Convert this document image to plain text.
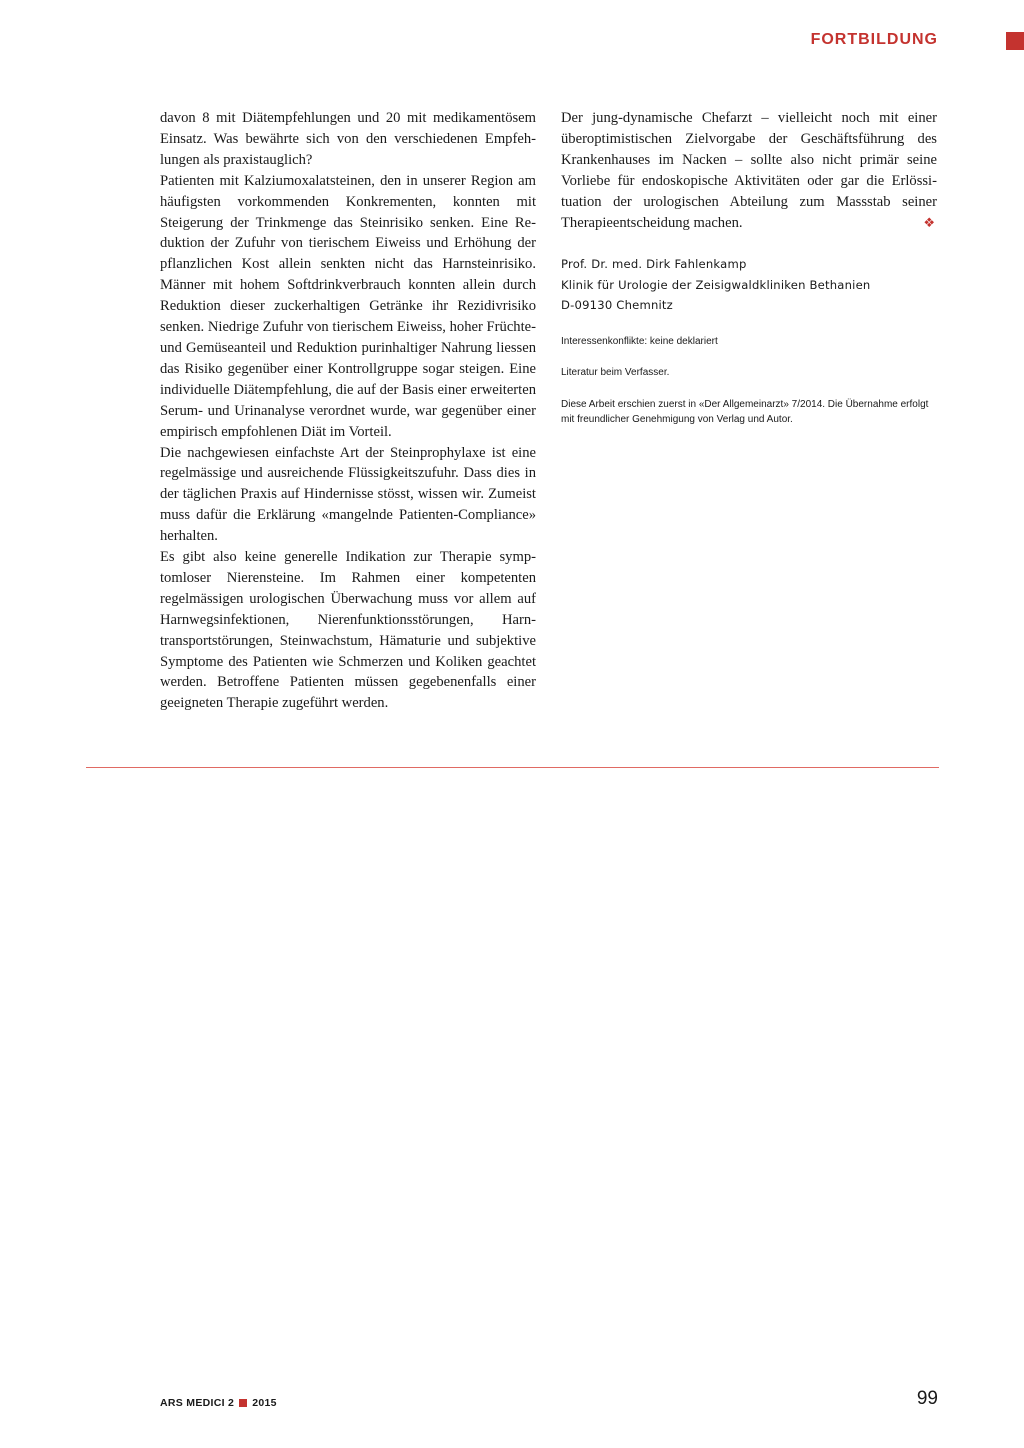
FORTBILDUNG

davon 8 mit Diätempfehlungen und 20 mit medikamentösem Einsatz. Was bewährte sich von den verschiedenen Empfehlungen als praxistauglich?

Patienten mit Kalziumoxalatsteinen, den in unserer Region am häufigsten vorkommenden Konkrementen, konnten mit Steigerung der Trinkmenge das Steinrisiko senken. Eine Reduktion der Zufuhr von tierischem Eiweiss und Erhöhung der pflanzlichen Kost allein senkten nicht das Harnsteinrisiko. Männer mit hohem Softdrinkverbrauch konnten allein durch Reduktion dieser zuckerhaltigen Getränke ihr Rezidivrisiko senken. Niedrige Zufuhr von tierischem Eiweiss, hoher Früchte- und Gemüseanteil und Reduktion purinhaltiger Nahrung liessen das Risiko gegenüber einer Kontrollgruppe sogar steigen. Eine individuelle Diätempfehlung, die auf der Basis einer erweiterten Serum- und Urinanalyse verordnet wurde, war gegenüber einer empirisch empfohlenen Diät im Vorteil.

Die nachgewiesen einfachste Art der Steinprophylaxe ist eine regelmässige und ausreichende Flüssigkeitszufuhr. Dass dies in der täglichen Praxis auf Hindernisse stösst, wissen wir. Zumeist muss dafür die Erklärung «mangelnde Patienten-Compliance» herhalten.

Es gibt also keine generelle Indikation zur Therapie symptomloser Nierensteine. Im Rahmen einer kompetenten regelmässigen urologischen Überwachung muss vor allem auf Harnwegsinfektionen, Nierenfunktionsstörungen, Harntransportstörungen, Steinwachstum, Hämaturie und subjektive Symptome des Patienten wie Schmerzen und Koliken geachtet werden. Betroffene Patienten müssen gegebenenfalls einer geeigneten Therapie zugeführt werden.

Der jung-dynamische Chefarzt – vielleicht noch mit einer überoptimistischen Zielvorgabe der Geschäftsführung des Krankenhauses im Nacken – sollte also nicht primär seine Vorliebe für endoskopische Aktivitäten oder gar die Erlössituation der urologischen Abteilung zum Massstab seiner Therapieentscheidung machen.	❖

Prof. Dr. med. Dirk Fahlenkamp
Klinik für Urologie der Zeisigwaldkliniken Bethanien
D-09130 Chemnitz
Interessenkonflikte: keine deklariert
Literatur beim Verfasser.
Diese Arbeit erschien zuerst in «Der Allgemeinarzt» 7/2014. Die Übernahme erfolgt mit freundlicher Genehmigung von Verlag und Autor.
ARS MEDICI 2 2015	99
